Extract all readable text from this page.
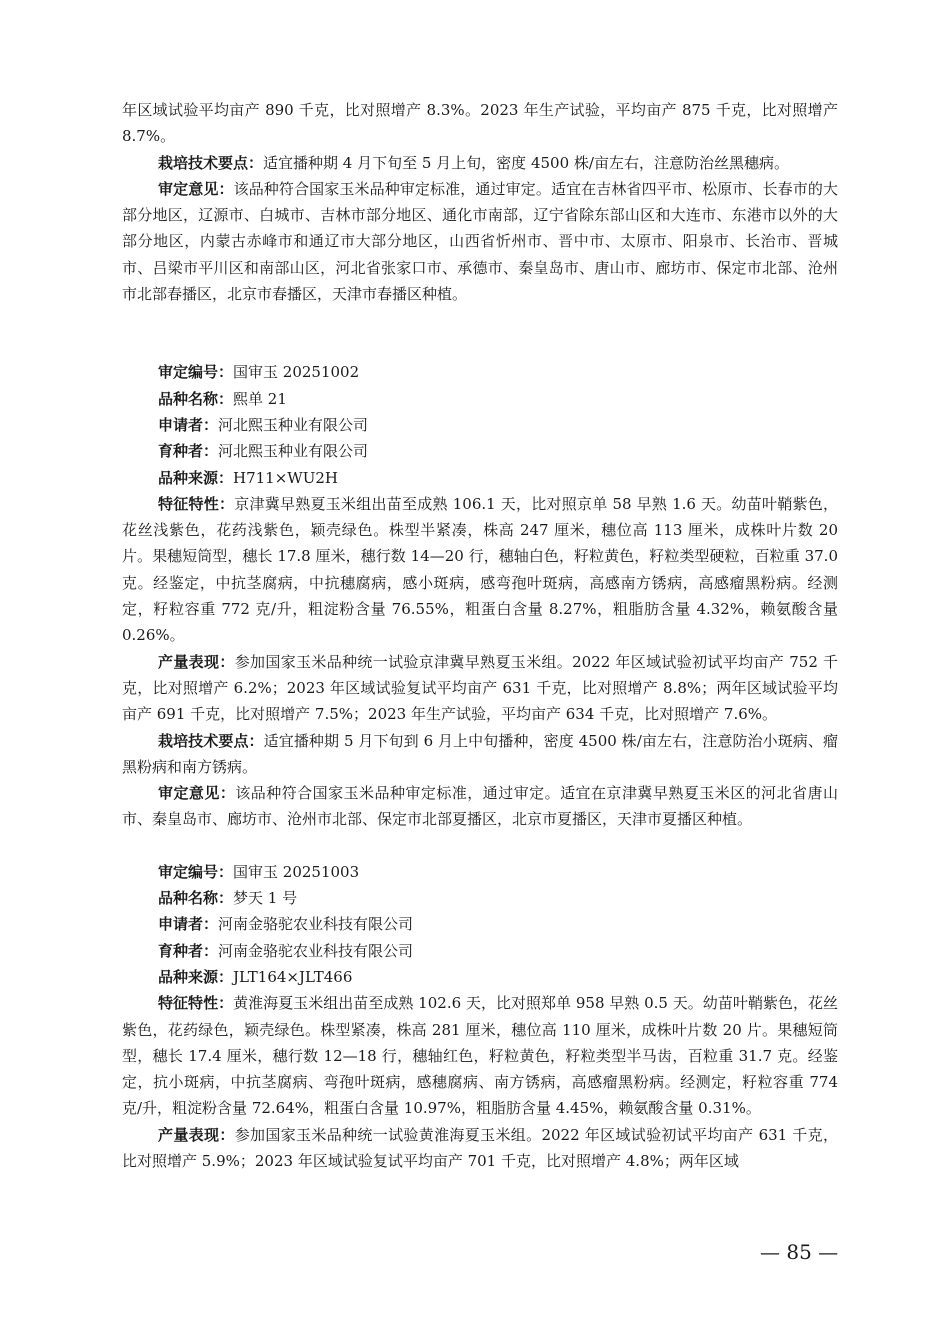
年区域试验平均亩产 890 千克，比对照增产 8.3%。2023 年生产试验，平均亩产 875 千克，比对照增产 8.7%。

栽培技术要点：适宜播种期 4 月下旬至 5 月上旬，密度 4500 株/亩左右，注意防治丝黑穗病。

审定意见：该品种符合国家玉米品种审定标准，通过审定。适宜在吉林省四平市、松原市、长春市的大部分地区，辽源市、白城市、吉林市部分地区、通化市南部，辽宁省除东部山区和大连市、东港市以外的大部分地区，内蒙古赤峰市和通辽市大部分地区，山西省忻州市、晋中市、太原市、阳泉市、长治市、晋城市、吕梁市平川区和南部山区，河北省张家口市、承德市、秦皇岛市、唐山市、廊坊市、保定市北部、沧州市北部春播区，北京市春播区，天津市春播区种植。

审定编号：国审玉 20251002

品种名称：熙单 21

申请者：河北熙玉种业有限公司

育种者：河北熙玉种业有限公司

品种来源：H711×WU2H

特征特性：京津冀早熟夏玉米组出苗至成熟 106.1 天，比对照京单 58 早熟 1.6 天。幼苗叶鞘紫色，花丝浅紫色，花药浅紫色，颖壳绿色。株型半紧凑，株高 247 厘米，穗位高 113 厘米，成株叶片数 20 片。果穗短筒型，穗长 17.8 厘米，穗行数 14—20 行，穗轴白色，籽粒黄色，籽粒类型硬粒，百粒重 37.0 克。经鉴定，中抗茎腐病，中抗穗腐病，感小斑病，感弯孢叶斑病，高感南方锈病，高感瘤黑粉病。经测定，籽粒容重 772 克/升，粗淀粉含量 76.55%，粗蛋白含量 8.27%，粗脂肪含量 4.32%，赖氨酸含量 0.26%。

产量表现：参加国家玉米品种统一试验京津冀早熟夏玉米组。2022 年区域试验初试平均亩产 752 千克，比对照增产 6.2%；2023 年区域试验复试平均亩产 631 千克，比对照增产 8.8%；两年区域试验平均亩产 691 千克，比对照增产 7.5%；2023 年生产试验，平均亩产 634 千克，比对照增产 7.6%。

栽培技术要点：适宜播种期 5 月下旬到 6 月上中旬播种，密度 4500 株/亩左右，注意防治小斑病、瘤黑粉病和南方锈病。

审定意见：该品种符合国家玉米品种审定标准，通过审定。适宜在京津冀早熟夏玉米区的河北省唐山市、秦皇岛市、廊坊市、沧州市北部、保定市北部夏播区，北京市夏播区，天津市夏播区种植。

审定编号：国审玉 20251003

品种名称：梦天 1 号

申请者：河南金骆驼农业科技有限公司

育种者：河南金骆驼农业科技有限公司

品种来源：JLT164×JLT466

特征特性：黄淮海夏玉米组出苗至成熟 102.6 天，比对照郑单 958 早熟 0.5 天。幼苗叶鞘紫色，花丝紫色，花药绿色，颖壳绿色。株型紧凑，株高 281 厘米，穗位高 110 厘米，成株叶片数 20 片。果穗短筒型，穗长 17.4 厘米，穗行数 12—18 行，穗轴红色，籽粒黄色，籽粒类型半马齿，百粒重 31.7 克。经鉴定，抗小斑病，中抗茎腐病、弯孢叶斑病，感穗腐病、南方锈病，高感瘤黑粉病。经测定，籽粒容重 774 克/升，粗淀粉含量 72.64%，粗蛋白含量 10.97%，粗脂肪含量 4.45%，赖氨酸含量 0.31%。

产量表现：参加国家玉米品种统一试验黄淮海夏玉米组。2022 年区域试验初试平均亩产 631 千克，比对照增产 5.9%；2023 年区域试验复试平均亩产 701 千克，比对照增产 4.8%；两年区域

— 85 —
